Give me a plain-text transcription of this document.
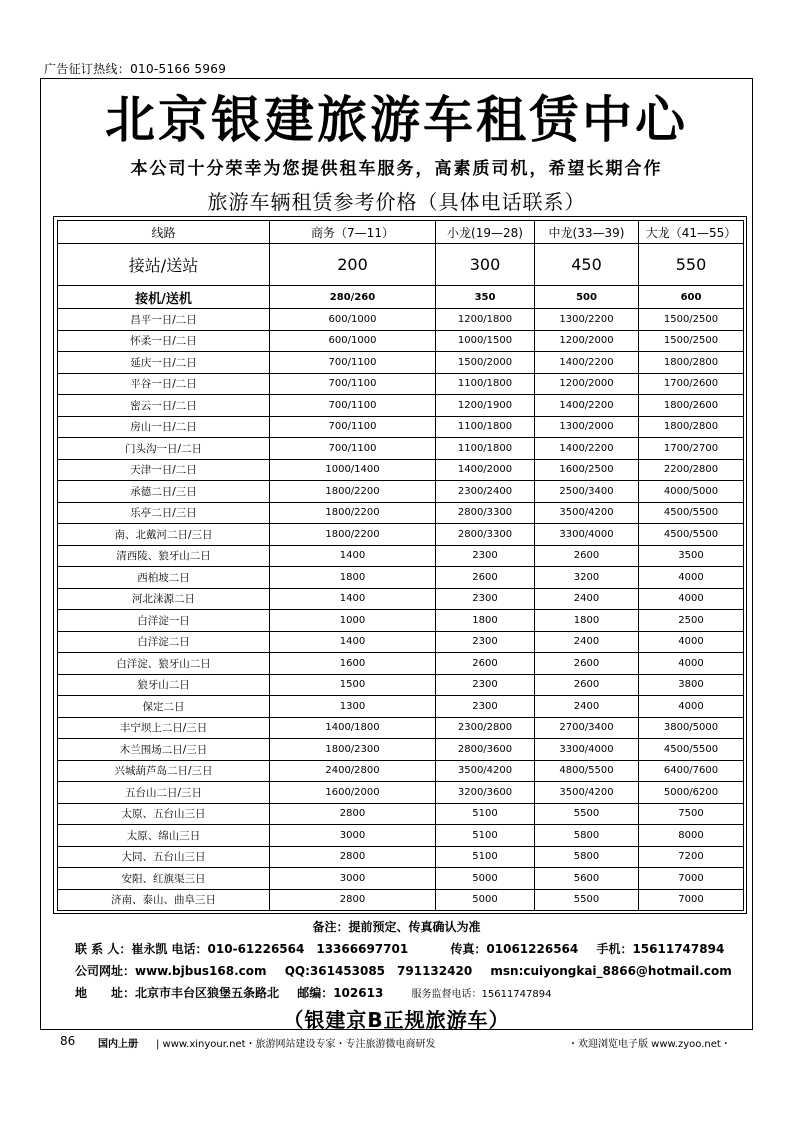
广告征订热线：010-5166 5969
北京银建旅游车租赁中心
本公司十分荣幸为您提供租车服务，高素质司机，希望长期合作
旅游车辆租赁参考价格（具体电话联系）
线路	商务（7—11）	小龙(19—28)	中龙(33—39)	大龙（41—55）
接站/送站	200	300	450	550
接机/送机	280/260	350	500	600
昌平一日/二日	600/1000	1200/1800	1300/2200	1500/2500
怀柔一日/二日	600/1000	1000/1500	1200/2000	1500/2500
延庆一日/二日	700/1100	1500/2000	1400/2200	1800/2800
平谷一日/二日	700/1100	1100/1800	1200/2000	1700/2600
密云一日/二日	700/1100	1200/1900	1400/2200	1800/2600
房山一日/二日	700/1100	1100/1800	1300/2000	1800/2800
门头沟一日/二日	700/1100	1100/1800	1400/2200	1700/2700
天津一日/二日	1000/1400	1400/2000	1600/2500	2200/2800
承德二日/三日	1800/2200	2300/2400	2500/3400	4000/5000
乐亭二日/三日	1800/2200	2800/3300	3500/4200	4500/5500
南、北戴河二日/三日	1800/2200	2800/3300	3300/4000	4500/5500
清西陵、狼牙山二日	1400	2300	2600	3500
西柏坡二日	1800	2600	3200	4000
河北涞源二日	1400	2300	2400	4000
白洋淀一日	1000	1800	1800	2500
白洋淀二日	1400	2300	2400	4000
白洋淀、狼牙山二日	1600	2600	2600	4000
狼牙山二日	1500	2300	2600	3800
保定二日	1300	2300	2400	4000
丰宁坝上二日/三日	1400/1800	2300/2800	2700/3400	3800/5000
木兰围场二日/三日	1800/2300	2800/3600	3300/4000	4500/5500
兴城葫芦岛二日/三日	2400/2800	3500/4200	4800/5500	6400/7600
五台山二日/三日	1600/2000	3200/3600	3500/4200	5000/6200
太原、五台山三日	2800	5100	5500	7500
太原、绵山三日	3000	5100	5800	8000
大同、五台山三日	2800	5100	5800	7200
安阳、红旗渠三日	3000	5000	5600	7000
济南、泰山、曲阜三日	2800	5000	5500	7000
备注：提前预定、传真确认为准
联 系 人：崔永凯 电话：010-61226564　13366697701	传真：01061226564 手机：15611747894
公司网址：www.bjbus168.com QQ:361453085　791132420 msn:cuiyongkai_8866@hotmail.com
地　　址：北京市丰台区狼堡五条路北 邮编：102613	服务监督电话：15611747894
（银建京B正规旅游车）
86 国内上册 | www.xinyour.net・旅游网站建设专家・专注旅游微电商研发	・欢迎浏览电子版 www.zyoo.net・
